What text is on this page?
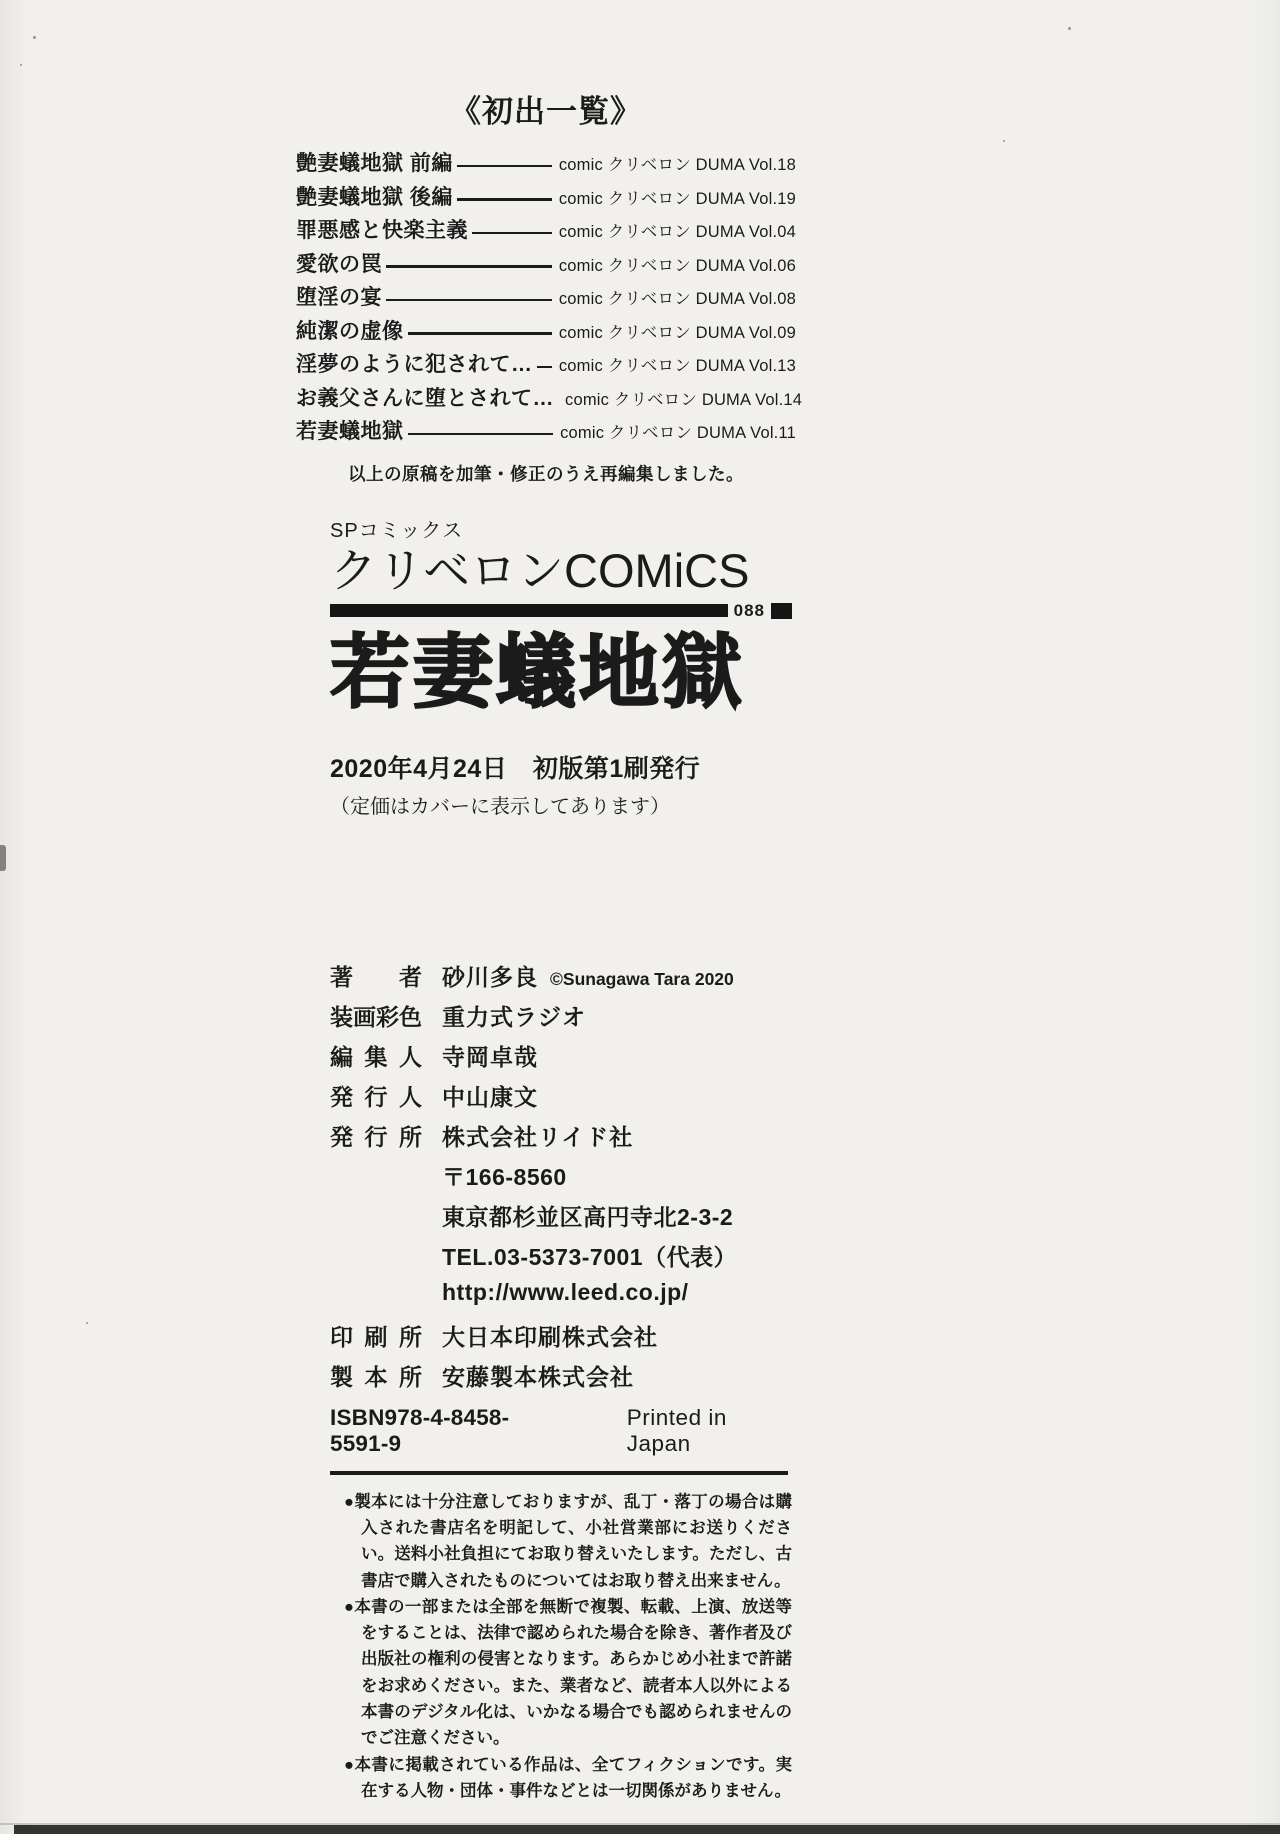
《初出一覧》
艶妻蟻地獄 前編	comic クリベロン DUMA Vol.18
艶妻蟻地獄 後編	comic クリベロン DUMA Vol.19
罪悪感と快楽主義	comic クリベロン DUMA Vol.04
愛欲の罠	comic クリベロン DUMA Vol.06
堕淫の宴	comic クリベロン DUMA Vol.08
純潔の虚像	comic クリベロン DUMA Vol.09
淫夢のように犯されて… comic クリベロン DUMA Vol.13
お義父さんに堕とされて… comic クリベロン DUMA Vol.14
若妻蟻地獄	comic クリベロン DUMA Vol.11
以上の原稿を加筆・修正のうえ再編集しました。
SPコミックス
クリベロンCOMiCS
088
若妻蟻地獄
2020年4月24日　初版第1刷発行
（定価はカバーに表示してあります）
著　者 砂川多良 ©Sunagawa Tara 2020
装画彩色 重力式ラジオ
編集人 寺岡卓哉
発行人 中山康文
発行所 株式会社リイド社
〒166-8560
東京都杉並区高円寺北2-3-2
TEL.03-5373-7001（代表）
http://www.leed.co.jp/
印刷所 大日本印刷株式会社
製本所 安藤製本株式会社
ISBN978-4-8458-5591-9
Printed in Japan
●製本には十分注意しておりますが、乱丁・落丁の場合は購入された書店名を明記して、小社営業部にお送りください。送料小社負担にてお取り替えいたします。ただし、古書店で購入されたものについてはお取り替え出来ません。
●本書の一部または全部を無断で複製、転載、上演、放送等をすることは、法律で認められた場合を除き、著作者及び出版社の権利の侵害となります。あらかじめ小社まで許諾をお求めください。また、業者など、読者本人以外による本書のデジタル化は、いかなる場合でも認められませんのでご注意ください。
●本書に掲載されている作品は、全てフィクションです。実在する人物・団体・事件などとは一切関係がありません。
